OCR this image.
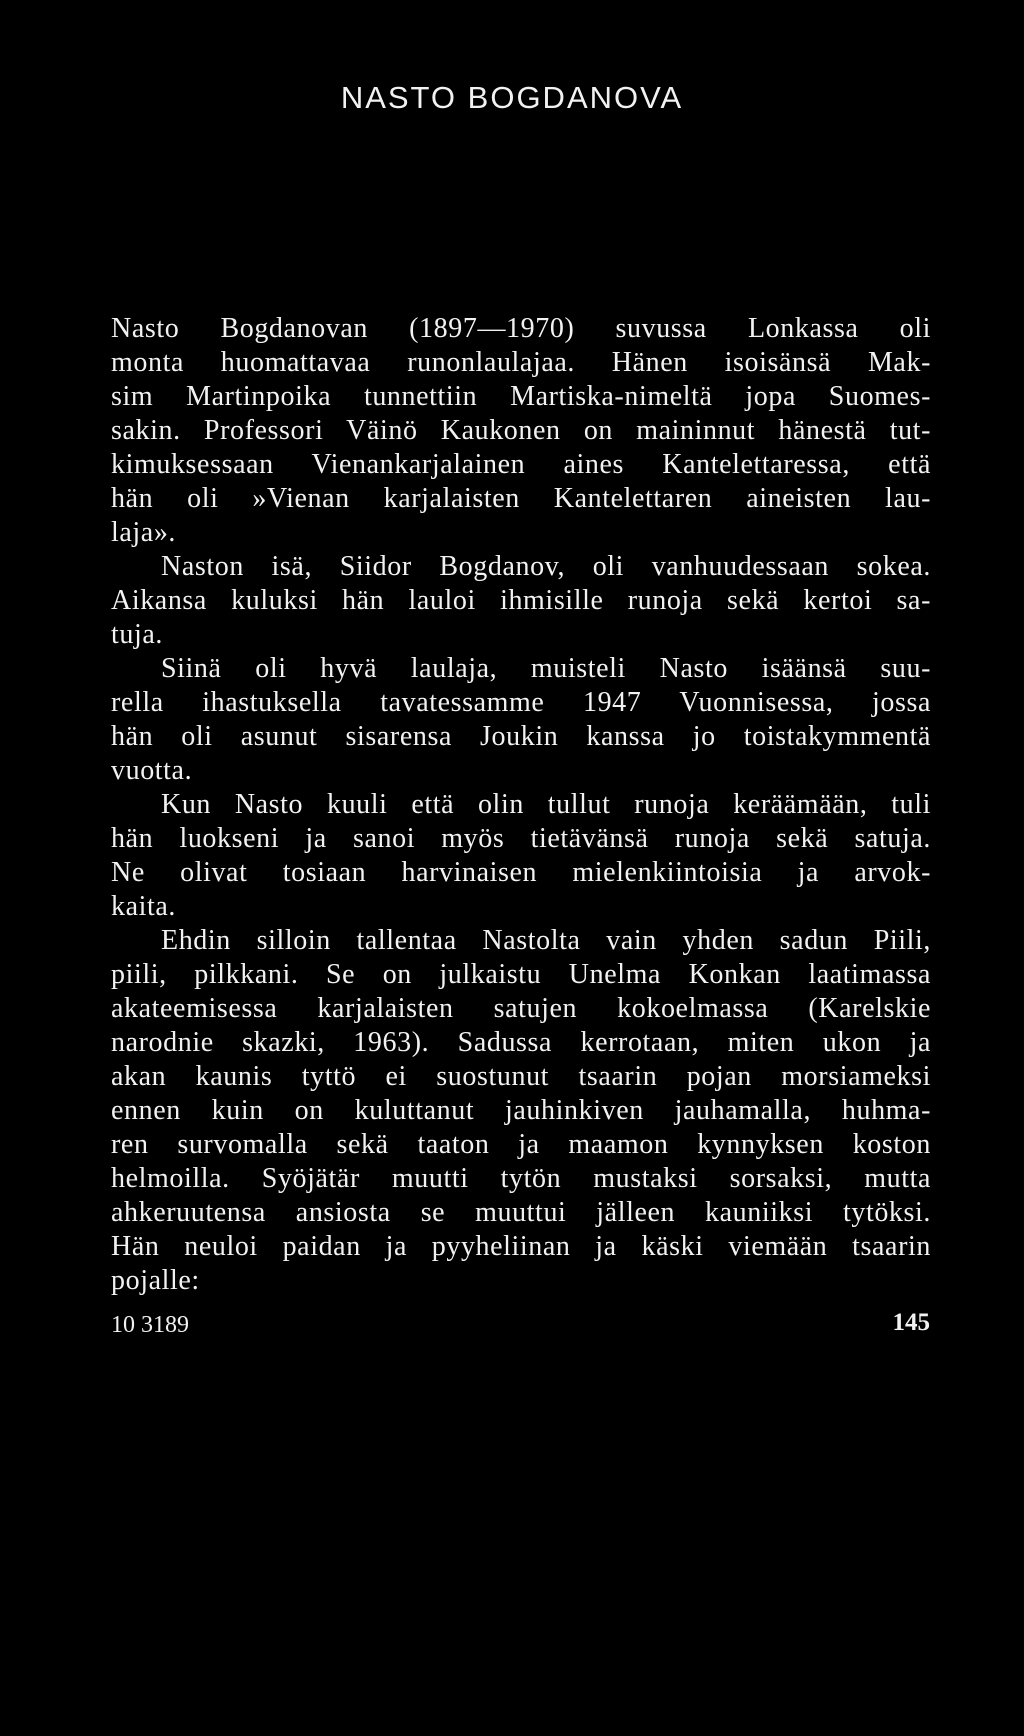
NASTO BOGDANOVA
Nasto Bogdanovan (1897—1970) suvussa Lonkassa oli
monta huomattavaa runonlaulajaa. Hänen isoisänsä Mak-
sim Martinpoika tunnettiin Martiska-nimeltä jopa Suomes-
sakin. Professori Väinö Kaukonen on maininnut hänestä tut-
kimuksessaan Vienankarjalainen aines Kantelettaressa, että
hän oli »Vienan karjalaisten Kantelettaren aineisten lau-
laja».
Naston isä, Siidor Bogdanov, oli vanhuudessaan sokea.
Aikansa kuluksi hän lauloi ihmisille runoja sekä kertoi sa-
tuja.
Siinä oli hyvä laulaja, muisteli Nasto isäänsä suu-
rella ihastuksella tavatessamme 1947 Vuonnisessa, jossa
hän oli asunut sisarensa Joukin kanssa jo toistakymmentä
vuotta.
Kun Nasto kuuli että olin tullut runoja keräämään, tuli
hän luokseni ja sanoi myös tietävänsä runoja sekä satuja.
Ne olivat tosiaan harvinaisen mielenkiintoisia ja arvok-
kaita.
Ehdin silloin tallentaa Nastolta vain yhden sadun Piili,
piili, pilkkani. Se on julkaistu Unelma Konkan laatimassa
akateemisessa karjalaisten satujen kokoelmassa (Karelskie
narodnie skazki, 1963). Sadussa kerrotaan, miten ukon ja
akan kaunis tyttö ei suostunut tsaarin pojan morsiameksi
ennen kuin on kuluttanut jauhinkiven jauhamalla, huhma-
ren survomalla sekä taaton ja maamon kynnyksen koston
helmoilla. Syöjätär muutti tytön mustaksi sorsaksi, mutta
ahkeruutensa ansiosta se muuttui jälleen kauniiksi tytöksi.
Hän neuloi paidan ja pyyheliinan ja käski viemään tsaarin
pojalle:
10 3189	145
